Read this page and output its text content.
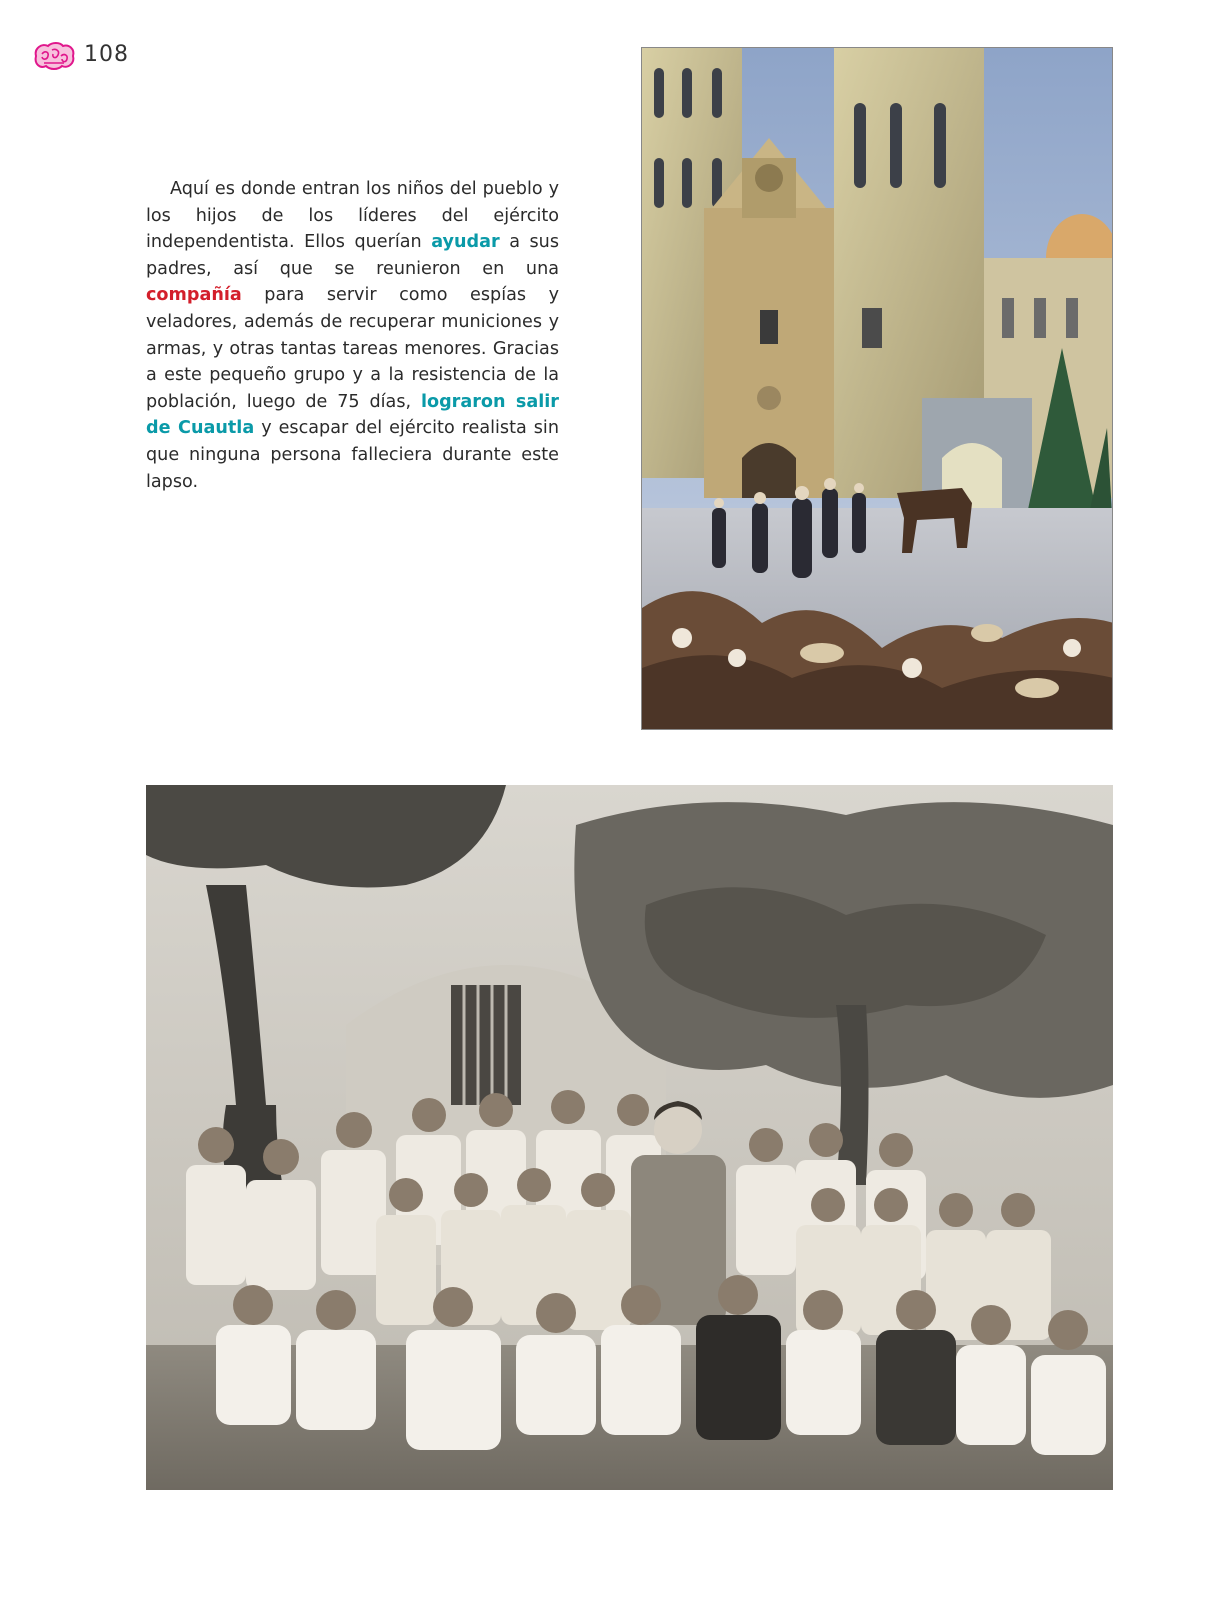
108

Aquí es donde entran los niños del pueblo y los hijos de los líderes del ejército independentista. Ellos querían ayudar a sus padres, así que se reunieron en una compañía para servir como espías y veladores, además de recuperar municiones y armas, y otras tantas tareas menores. Gracias a este pequeño grupo y a la resistencia de la población, luego de 75 días, lograron salir de Cuautla y escapar del ejército realista sin que ninguna persona falleciera durante este lapso.
